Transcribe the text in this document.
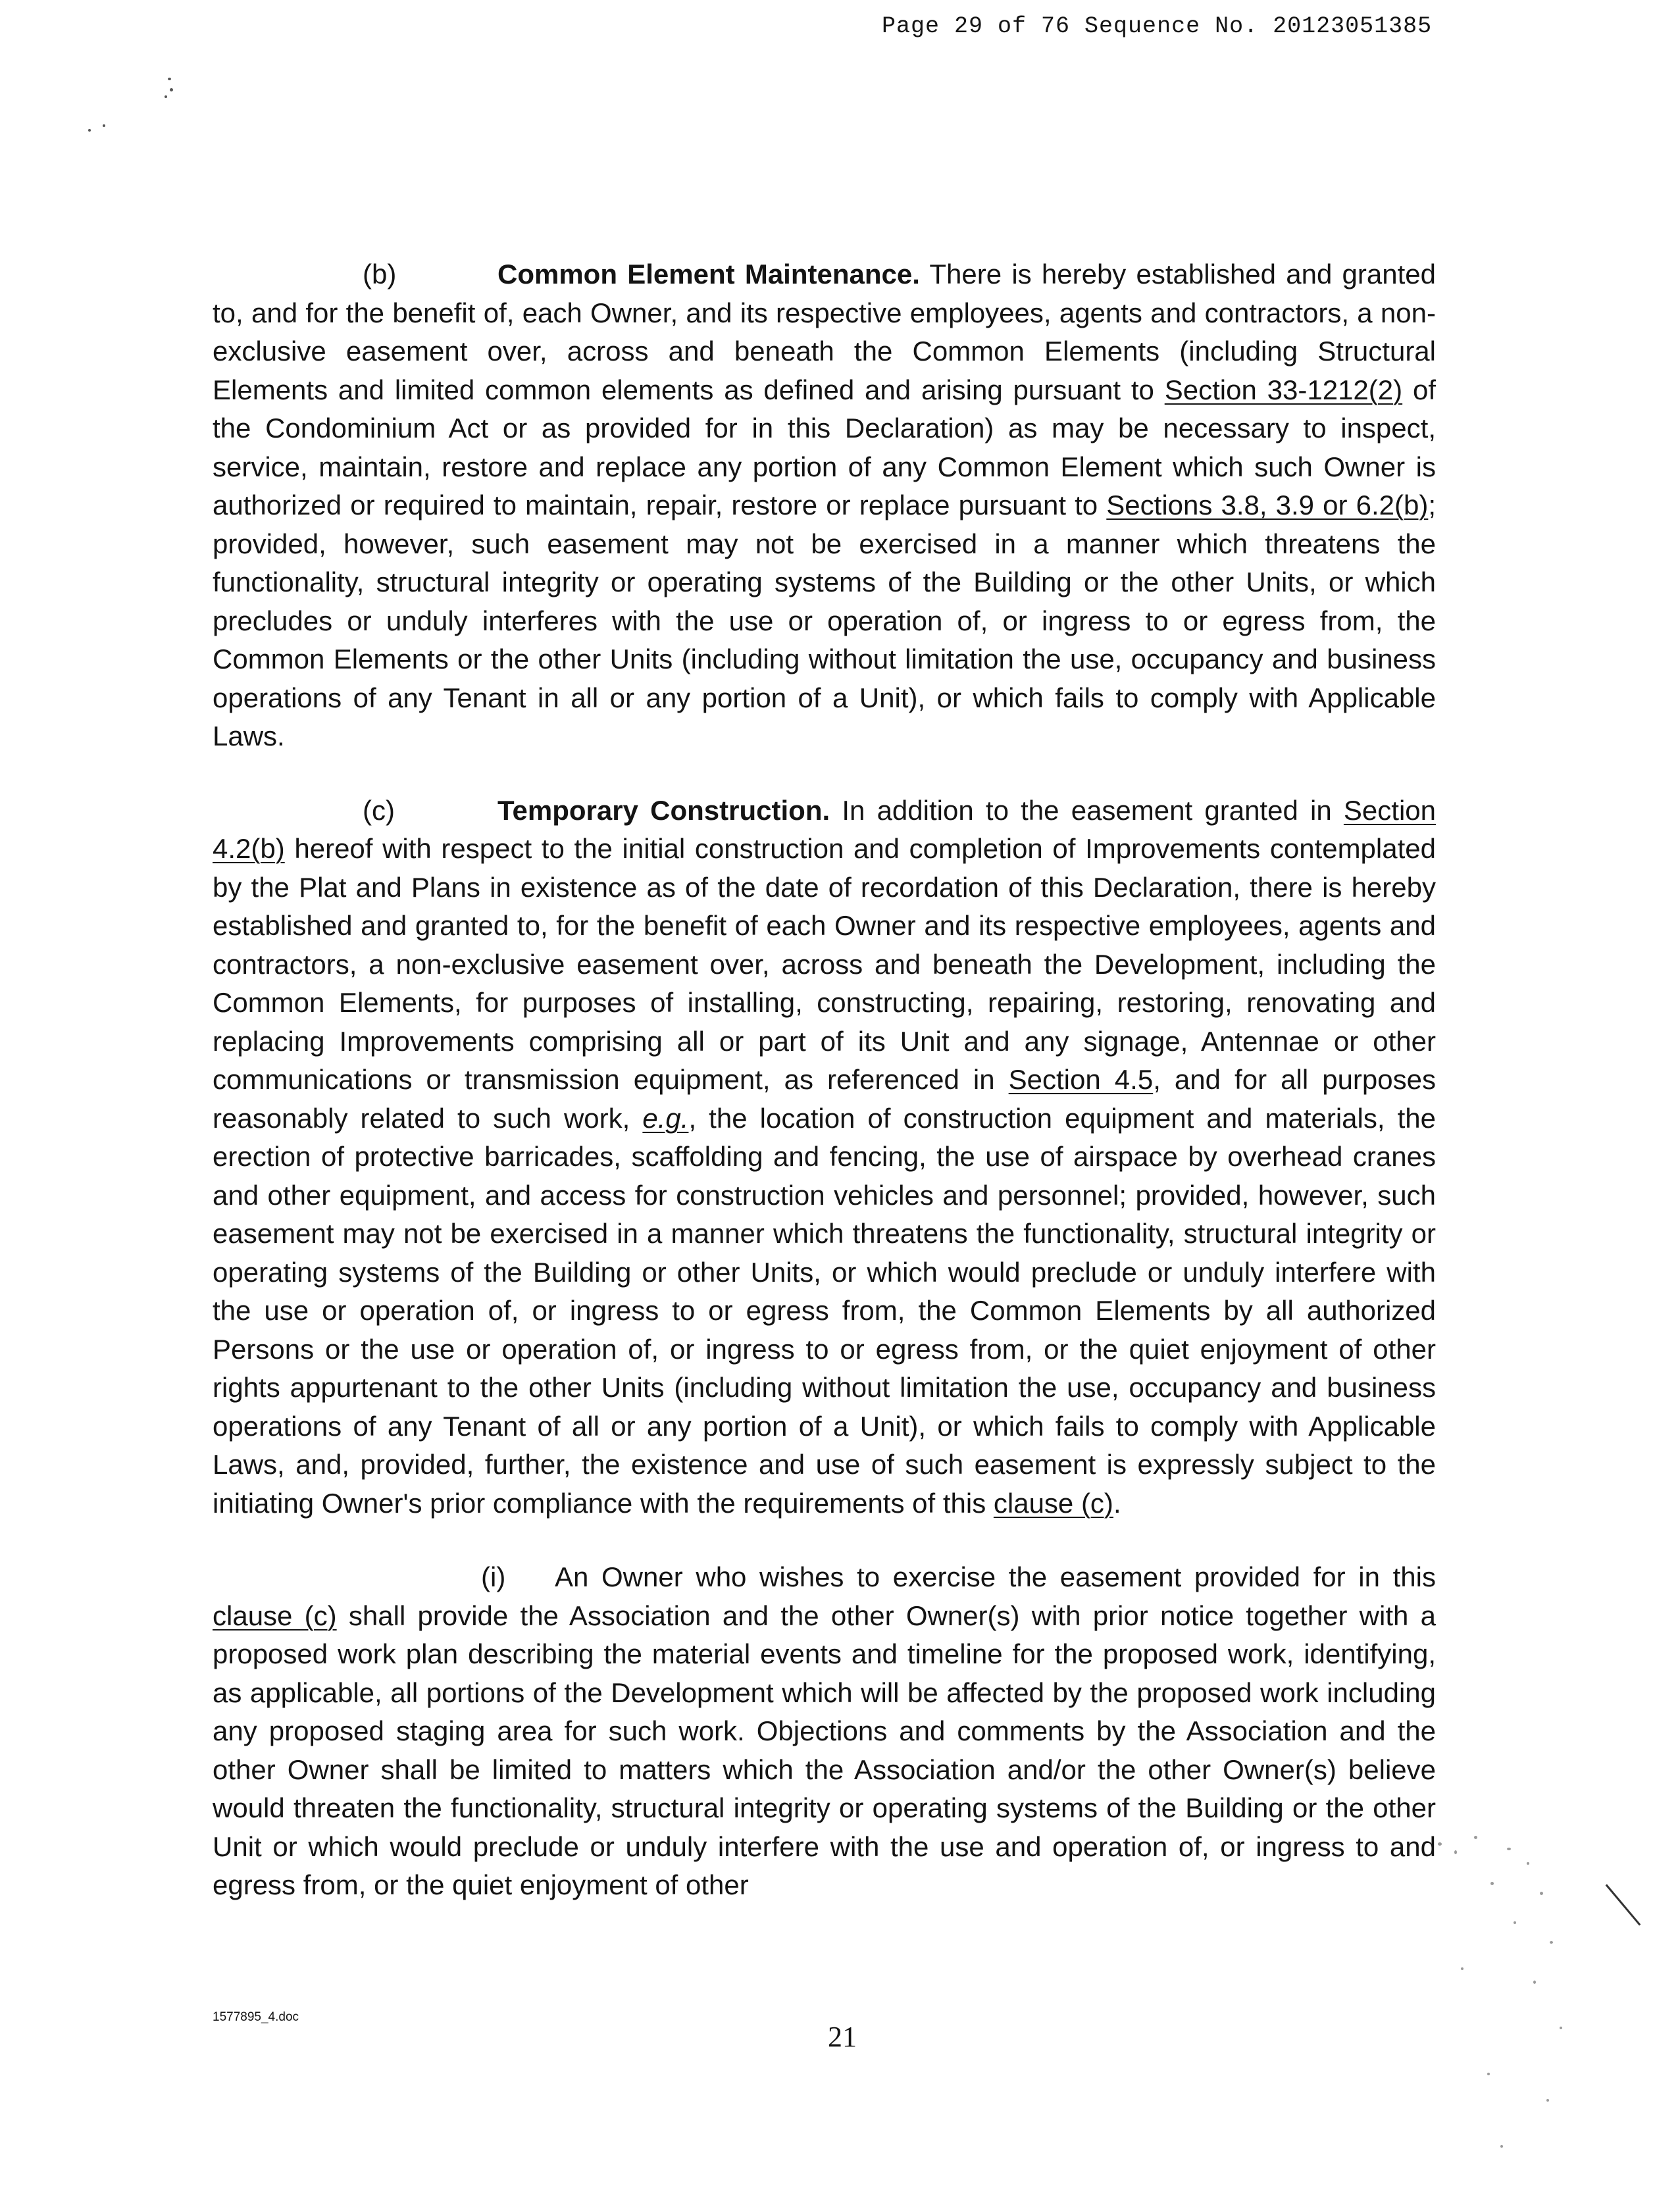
Page 29 of 76 Sequence No. 20123051385

(b)	Common Element Maintenance. There is hereby established and granted to, and for the benefit of, each Owner, and its respective employees, agents and contractors, a non-exclusive easement over, across and beneath the Common Elements (including Structural Elements and limited common elements as defined and arising pursuant to Section 33-1212(2) of the Condominium Act or as provided for in this Declaration) as may be necessary to inspect, service, maintain, restore and replace any portion of any Common Element which such Owner is authorized or required to maintain, repair, restore or replace pursuant to Sections 3.8, 3.9 or 6.2(b); provided, however, such easement may not be exercised in a manner which threatens the functionality, structural integrity or operating systems of the Building or the other Units, or which precludes or unduly interferes with the use or operation of, or ingress to or egress from, the Common Elements or the other Units (including without limitation the use, occupancy and business operations of any Tenant in all or any portion of a Unit), or which fails to comply with Applicable Laws.

(c)	Temporary Construction. In addition to the easement granted in Section 4.2(b) hereof with respect to the initial construction and completion of Improvements contemplated by the Plat and Plans in existence as of the date of recordation of this Declaration, there is hereby established and granted to, for the benefit of each Owner and its respective employees, agents and contractors, a non-exclusive easement over, across and beneath the Development, including the Common Elements, for purposes of installing, constructing, repairing, restoring, renovating and replacing Improvements comprising all or part of its Unit and any signage, Antennae or other communications or transmission equipment, as referenced in Section 4.5, and for all purposes reasonably related to such work, e.g., the location of construction equipment and materials, the erection of protective barricades, scaffolding and fencing, the use of airspace by overhead cranes and other equipment, and access for construction vehicles and personnel; provided, however, such easement may not be exercised in a manner which threatens the functionality, structural integrity or operating systems of the Building or other Units, or which would preclude or unduly interfere with the use or operation of, or ingress to or egress from, the Common Elements by all authorized Persons or the use or operation of, or ingress to or egress from, or the quiet enjoyment of other rights appurtenant to the other Units (including without limitation the use, occupancy and business operations of any Tenant of all or any portion of a Unit), or which fails to comply with Applicable Laws, and, provided, further, the existence and use of such easement is expressly subject to the initiating Owner's prior compliance with the requirements of this clause (c).

(i) An Owner who wishes to exercise the easement provided for in this clause (c) shall provide the Association and the other Owner(s) with prior notice together with a proposed work plan describing the material events and timeline for the proposed work, identifying, as applicable, all portions of the Development which will be affected by the proposed work including any proposed staging area for such work. Objections and comments by the Association and the other Owner shall be limited to matters which the Association and/or the other Owner(s) believe would threaten the functionality, structural integrity or operating systems of the Building or the other Unit or which would preclude or unduly interfere with the use and operation of, or ingress to and egress from, or the quiet enjoyment of other

1577895_4.doc
21
